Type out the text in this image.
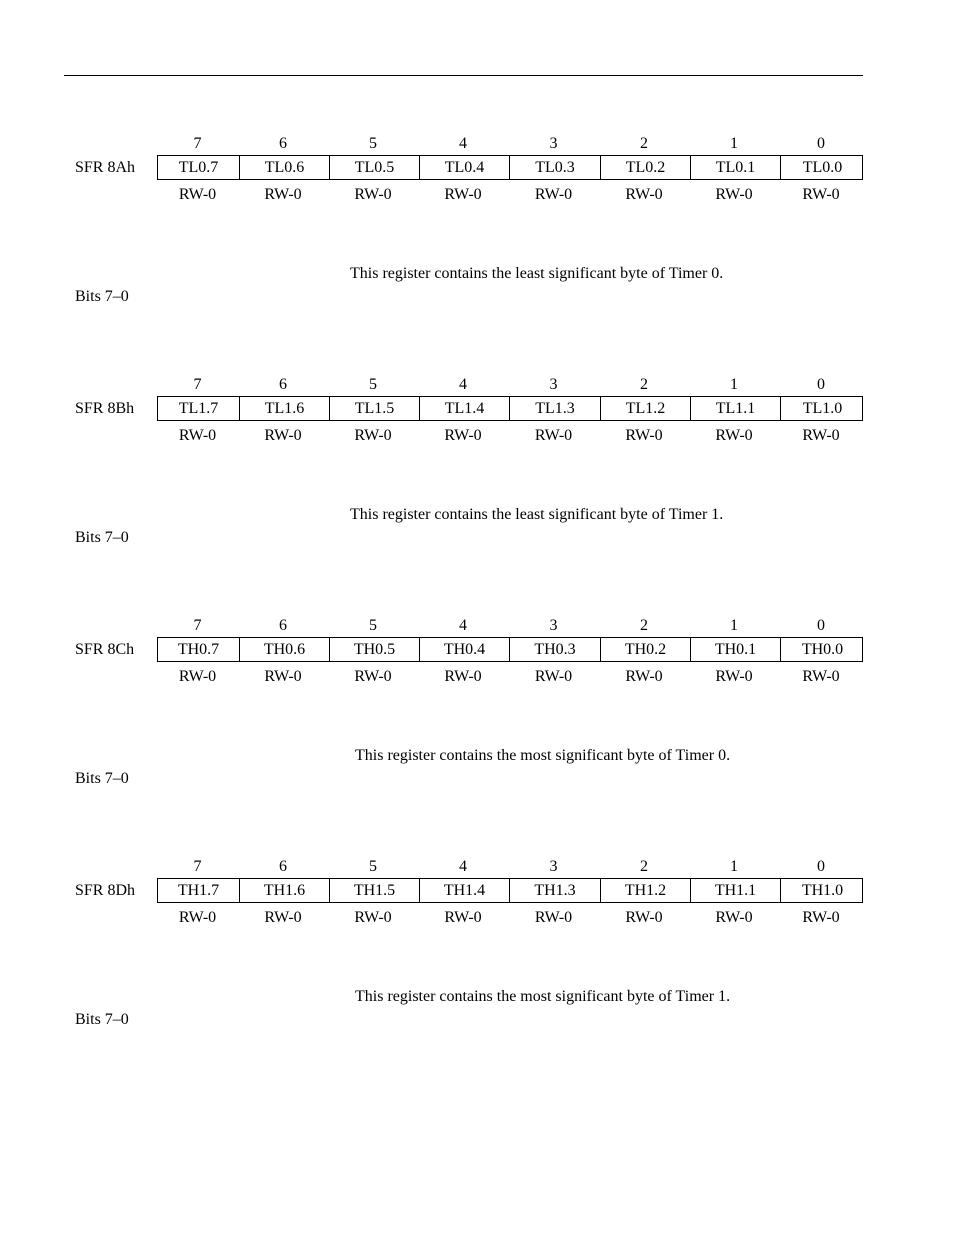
7	6	5	4	3	2	1	0
SFR 8Ah	TL0.7	TL0.6	TL0.5	TL0.4	TL0.3	TL0.2	TL0.1	TL0.0
RW-0	RW-0	RW-0	RW-0	RW-0	RW-0	RW-0	RW-0
This register contains the least significant byte of Timer 0.
Bits 7–0
7	6	5	4	3	2	1	0
SFR 8Bh	TL1.7	TL1.6	TL1.5	TL1.4	TL1.3	TL1.2	TL1.1	TL1.0
RW-0	RW-0	RW-0	RW-0	RW-0	RW-0	RW-0	RW-0
This register contains the least significant byte of Timer 1.
Bits 7–0
7	6	5	4	3	2	1	0
SFR 8Ch	TH0.7	TH0.6	TH0.5	TH0.4	TH0.3	TH0.2	TH0.1	TH0.0
RW-0	RW-0	RW-0	RW-0	RW-0	RW-0	RW-0	RW-0
This register contains the most significant byte of Timer 0.
Bits 7–0
7	6	5	4	3	2	1	0
SFR 8Dh	TH1.7	TH1.6	TH1.5	TH1.4	TH1.3	TH1.2	TH1.1	TH1.0
RW-0	RW-0	RW-0	RW-0	RW-0	RW-0	RW-0	RW-0
This register contains the most significant byte of Timer 1.
Bits 7–0
